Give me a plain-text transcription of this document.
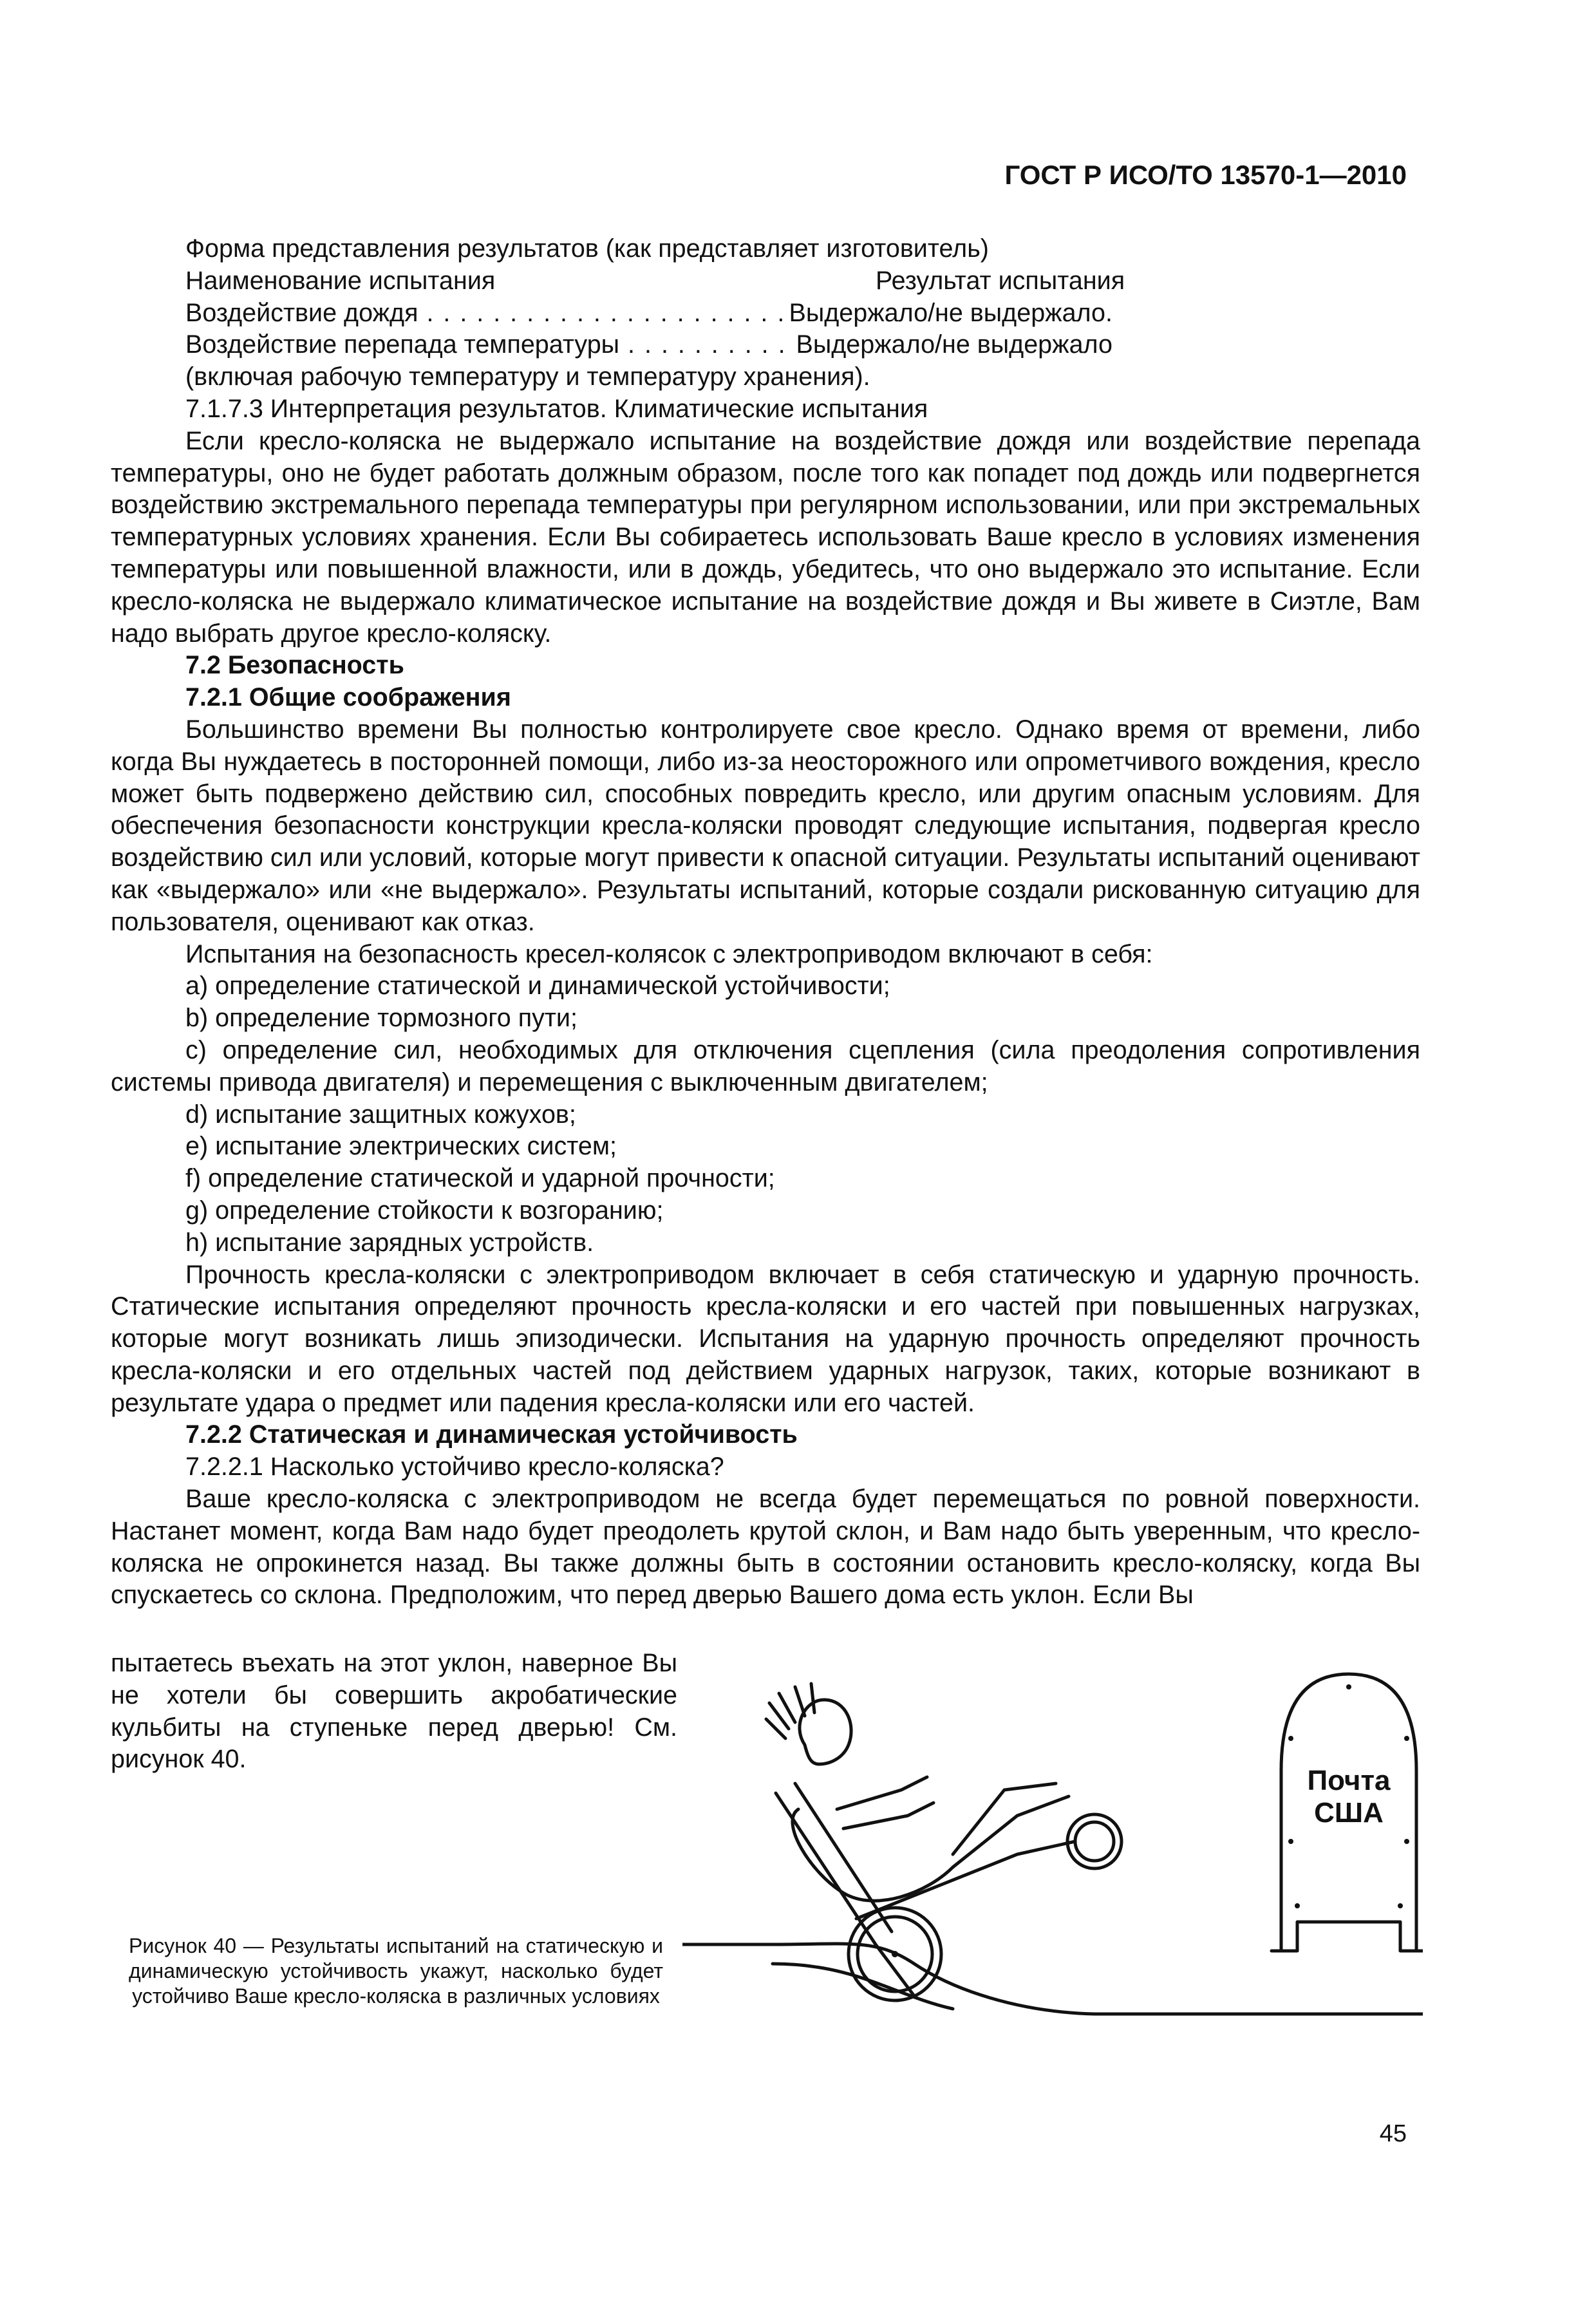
ГОСТ Р ИСО/ТО 13570-1—2010

Форма представления результатов (как представляет изготовитель)

Наименование испытания	Результат испытания
Воздействие дождя . . .	Выдержало/не выдержало.
Воздействие перепада температуры . . .	Выдержало/не выдержало

(включая рабочую температуру и температуру хранения).

7.1.7.3 Интерпретация результатов. Климатические испытания

Если кресло-коляска не выдержало испытание на воздействие дождя или воздействие перепада температуры, оно не будет работать должным образом, после того как попадет под дождь или подвергнется воздействию экстремального перепада температуры при регулярном использовании, или при экстремальных температурных условиях хранения. Если Вы собираетесь использовать Ваше кресло в условиях изменения температуры или повышенной влажности, или в дождь, убедитесь, что оно выдержало это испытание. Если кресло-коляска не выдержало климатическое испытание на воздействие дождя и Вы живете в Сиэтле, Вам надо выбрать другое кресло-коляску.

7.2 Безопасность

7.2.1 Общие соображения

Большинство времени Вы полностью контролируете свое кресло. Однако время от времени, либо когда Вы нуждаетесь в посторонней помощи, либо из-за неосторожного или опрометчивого вождения, кресло может быть подвержено действию сил, способных повредить кресло, или другим опасным условиям. Для обеспечения безопасности конструкции кресла-коляски проводят следующие испытания, подвергая кресло воздействию сил или условий, которые могут привести к опасной ситуации. Результаты испытаний оценивают как «выдержало» или «не выдержало». Результаты испытаний, которые создали рискованную ситуацию для пользователя, оценивают как отказ.

Испытания на безопасность кресел-колясок с электроприводом включают в себя:

a) определение статической и динамической устойчивости;

b) определение тормозного пути;

c) определение сил, необходимых для отключения сцепления (сила преодоления сопротивления системы привода двигателя) и перемещения с выключенным двигателем;

d) испытание защитных кожухов;

e) испытание электрических систем;

f) определение статической и ударной прочности;

g) определение стойкости к возгоранию;

h) испытание зарядных устройств.

Прочность кресла-коляски с электроприводом включает в себя статическую и ударную прочность. Статические испытания определяют прочность кресла-коляски и его частей при повышенных нагрузках, которые могут возникать лишь эпизодически. Испытания на ударную прочность определяют прочность кресла-коляски и его отдельных частей под действием ударных нагрузок, таких, которые возникают в результате удара о предмет или падения кресла-коляски или его частей.

7.2.2 Статическая и динамическая устойчивость

7.2.2.1 Насколько устойчиво кресло-коляска?

Ваше кресло-коляска с электроприводом не всегда будет перемещаться по ровной поверхности. Настанет момент, когда Вам надо будет преодолеть крутой склон, и Вам надо быть уверенным, что кресло-коляска не опрокинется назад. Вы также должны быть в состоянии остановить кресло-коляску, когда Вы спускаетесь со склона. Предположим, что перед дверью Вашего дома есть уклон. Если Вы

пытаетесь въехать на этот уклон, наверное Вы не хотели бы совершить акробатические кульбиты на ступеньке перед дверью! См. рисунок 40.

Почта
США
Рисунок 40 — Результаты испытаний на статическую и динамическую устойчивость укажут, насколько будет устойчиво Ваше кресло-коляска в различных условиях
45
